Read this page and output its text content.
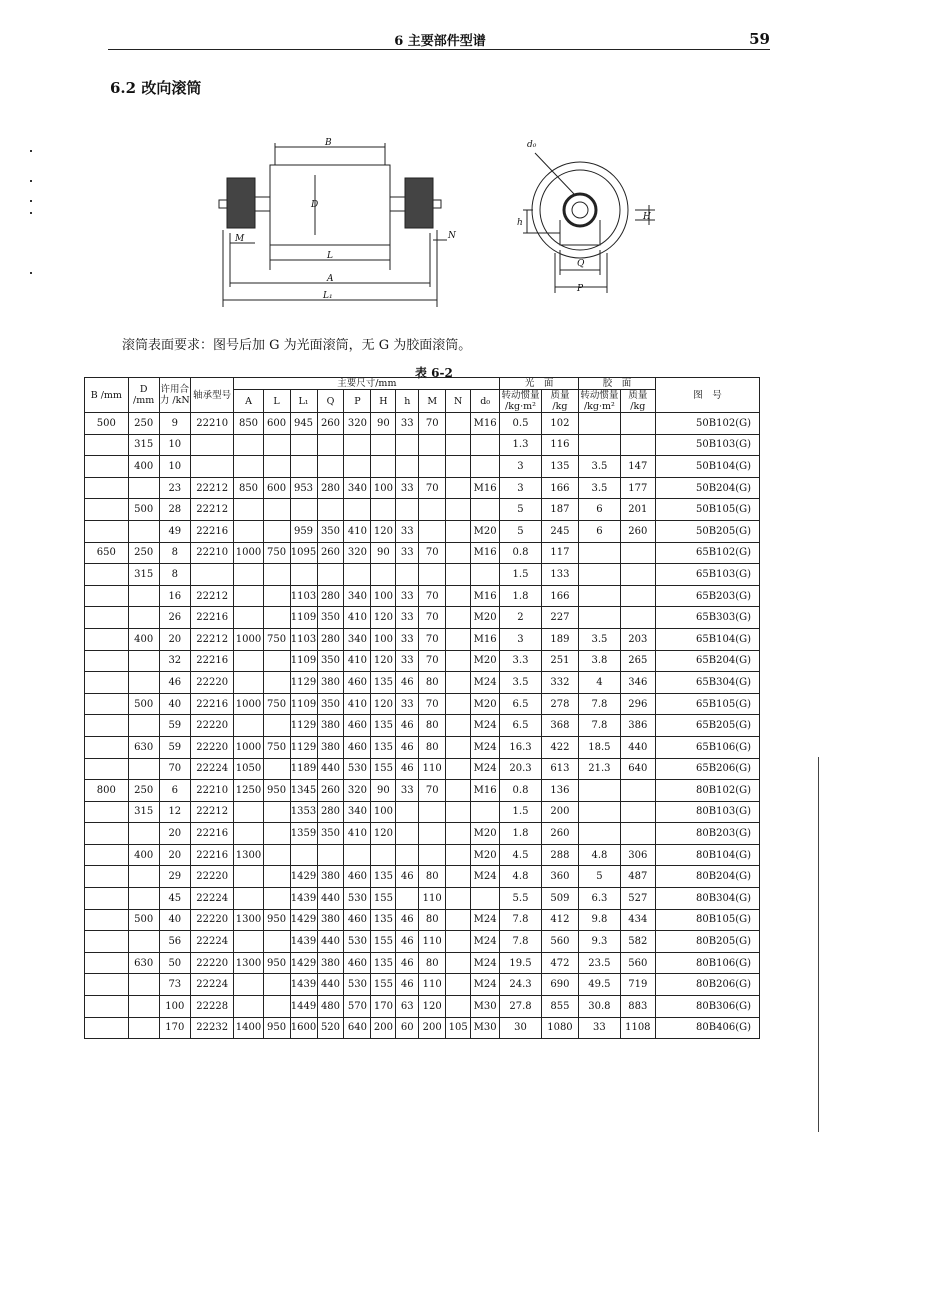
6 主要部件型谱	59
6.2 改向滚筒
B
D
M	N
L
A
L₁
d₀
h
H
Q
P
滚筒表面要求：图号后加 G 为光面滚筒，无 G 为胶面滚筒。
表 6-2
B /mm	D /mm	许用合力 /kN	轴承型号	主要尺寸/mm										光　面		胶　面		图　号
				A	L	L₁	Q	P	H	h	M	N	d₀	转动惯量 /kg·m²	质量 /kg	转动惯量 /kg·m²	质量 /kg	
500	250	9	22210	850	600	945	260	320	90	33	70		M16	0.5	102			50B102(G)
	315	10												1.3	116			50B103(G)
	400	10												3	135	3.5	147	50B104(G)
		23	22212	850	600	953	280	340	100	33	70		M16	3	166	3.5	177	50B204(G)
	500	28	22212											5	187	6	201	50B105(G)
		49	22216			959	350	410	120	33			M20	5	245	6	260	50B205(G)
650	250	8	22210	1000	750	1095	260	320	90	33	70		M16	0.8	117			65B102(G)
	315	8												1.5	133			65B103(G)
		16	22212			1103	280	340	100	33	70		M16	1.8	166			65B203(G)
		26	22216			1109	350	410	120	33	70		M20	2	227			65B303(G)
	400	20	22212	1000	750	1103	280	340	100	33	70		M16	3	189	3.5	203	65B104(G)
		32	22216			1109	350	410	120	33	70		M20	3.3	251	3.8	265	65B204(G)
		46	22220			1129	380	460	135	46	80		M24	3.5	332	4	346	65B304(G)
	500	40	22216	1000	750	1109	350	410	120	33	70		M20	6.5	278	7.8	296	65B105(G)
		59	22220			1129	380	460	135	46	80		M24	6.5	368	7.8	386	65B205(G)
	630	59	22220	1000	750	1129	380	460	135	46	80		M24	16.3	422	18.5	440	65B106(G)
		70	22224	1050		1189	440	530	155	46	110		M24	20.3	613	21.3	640	65B206(G)
800	250	6	22210	1250	950	1345	260	320	90	33	70		M16	0.8	136			80B102(G)
	315	12	22212			1353	280	340	100					1.5	200			80B103(G)
		20	22216			1359	350	410	120				M20	1.8	260			80B203(G)
	400	20	22216	1300									M20	4.5	288	4.8	306	80B104(G)
		29	22220			1429	380	460	135	46	80		M24	4.8	360	5	487	80B204(G)
		45	22224			1439	440	530	155		110			5.5	509	6.3	527	80B304(G)
	500	40	22220	1300	950	1429	380	460	135	46	80		M24	7.8	412	9.8	434	80B105(G)
		56	22224			1439	440	530	155	46	110		M24	7.8	560	9.3	582	80B205(G)
	630	50	22220	1300	950	1429	380	460	135	46	80		M24	19.5	472	23.5	560	80B106(G)
		73	22224			1439	440	530	155	46	110		M24	24.3	690	49.5	719	80B206(G)
		100	22228			1449	480	570	170	63	120		M30	27.8	855	30.8	883	80B306(G)
		170	22232	1400	950	1600	520	640	200	60	200	105	M30	30	1080	33	1108	80B406(G)
